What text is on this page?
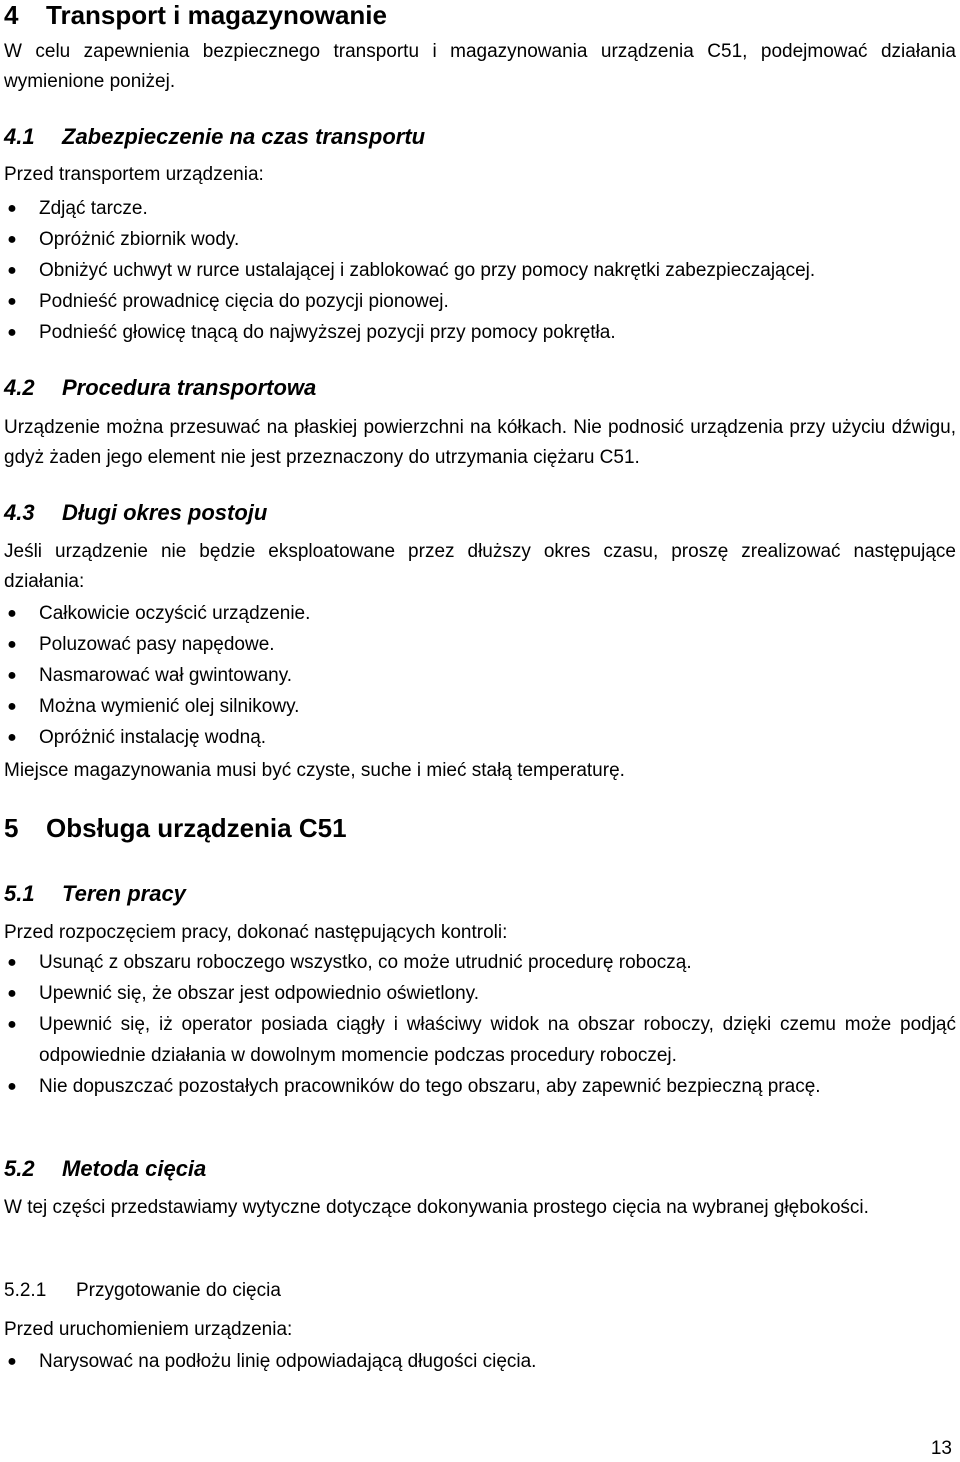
4 Transport i magazynowanie

W celu zapewnienia bezpiecznego transportu i magazynowania urządzenia C51, podejmować działania wymienione poniżej.

4.1 Zabezpieczenie na czas transportu

Przed transportem urządzenia:

● Zdjąć tarcze.
● Opróżnić zbiornik wody.
● Obniżyć uchwyt w rurce ustalającej i zablokować go przy pomocy nakrętki zabezpieczającej.
● Podnieść prowadnicę cięcia do pozycji pionowej.
● Podnieść głowicę tnącą do najwyższej pozycji przy pomocy pokrętła.
4.2 Procedura transportowa

Urządzenie można przesuwać na płaskiej powierzchni na kółkach. Nie podnosić urządzenia przy użyciu dźwigu, gdyż żaden jego element nie jest przeznaczony do utrzymania ciężaru C51.

4.3 Długi okres postoju

Jeśli urządzenie nie będzie eksploatowane przez dłuższy okres czasu, proszę zrealizować następujące działania:

● Całkowicie oczyścić urządzenie.
● Poluzować pasy napędowe.
● Nasmarować wał gwintowany.
● Można wymienić olej silnikowy.
● Opróżnić instalację wodną.

Miejsce magazynowania musi być czyste, suche i mieć stałą temperaturę.

5 Obsługa urządzenia C51
5.1 Teren pracy

Przed rozpoczęciem pracy, dokonać następujących kontroli:

● Usunąć z obszaru roboczego wszystko, co może utrudnić procedurę roboczą.
● Upewnić się, że obszar jest odpowiednio oświetlony.
● Upewnić się, iż operator posiada ciągły i właściwy widok na obszar roboczy, dzięki czemu może podjąć odpowiednie działania w dowolnym momencie podczas procedury roboczej.
● Nie dopuszczać pozostałych pracowników do tego obszaru, aby zapewnić bezpieczną pracę.
5.2 Metoda cięcia

W tej części przedstawiamy wytyczne dotyczące dokonywania prostego cięcia na wybranej głębokości.

5.2.1 Przygotowanie do cięcia

Przed uruchomieniem urządzenia:

● Narysować na podłożu linię odpowiadającą długości cięcia.
13
